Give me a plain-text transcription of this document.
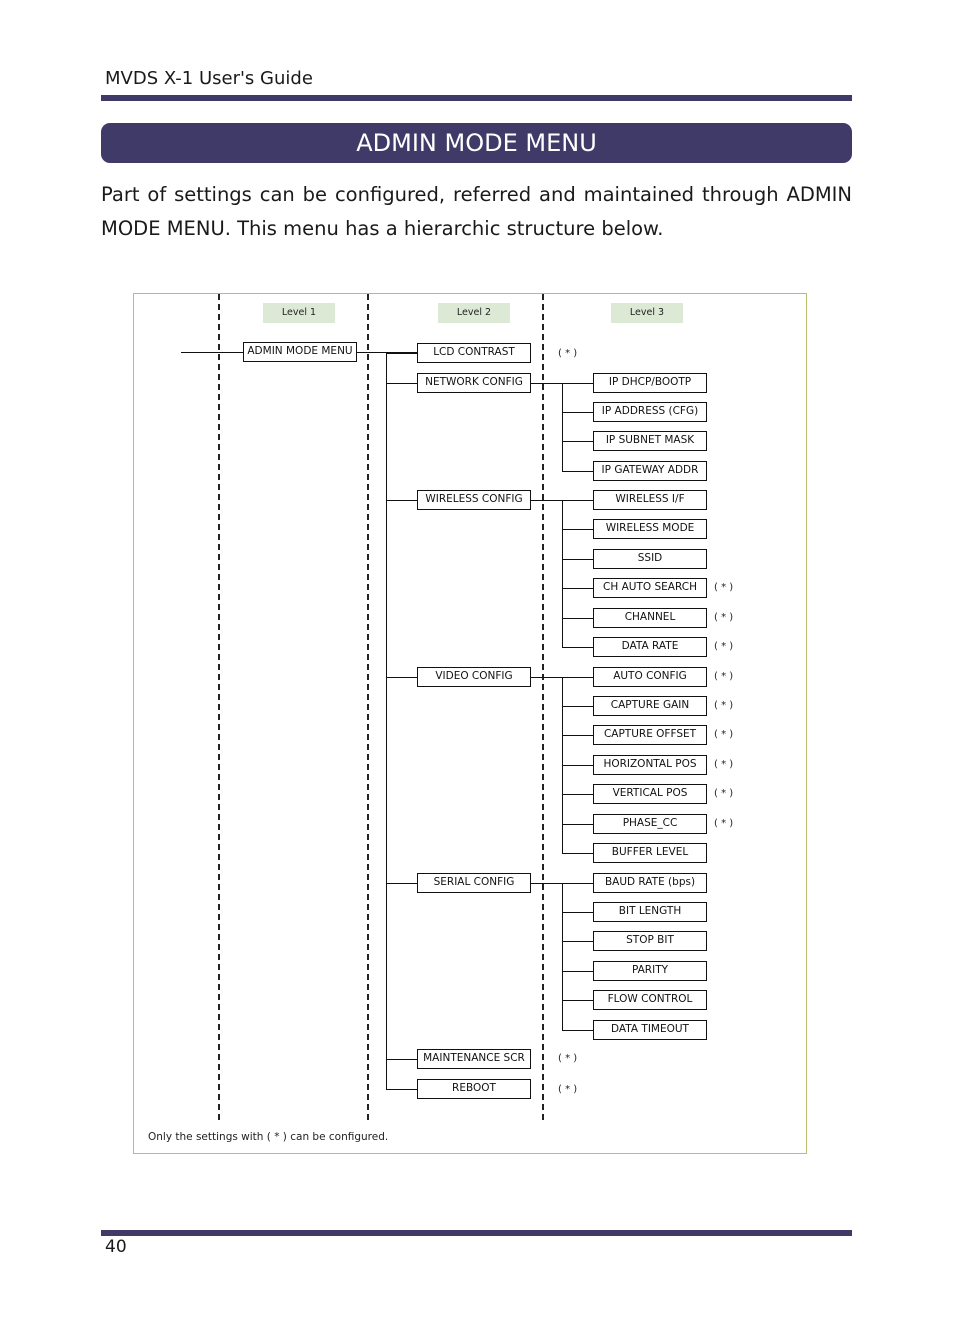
MVDS X-1 User's Guide
ADMIN MODE MENU
Part of settings can be configured, referred and maintained through ADMIN MODE MENU. This menu has a hierarchic structure below.
Level 1	Level 2	Level 3
ADMIN MODE MENU	LCD CONTRAST	( * )
NETWORK CONFIG
WIRELESS CONFIG
VIDEO CONFIG
SERIAL CONFIG
MAINTENANCE SCR	( * )
REBOOT	( * )
IP DHCP/BOOTP
IP ADDRESS (CFG)
IP SUBNET MASK
IP GATEWAY ADDR
WIRELESS I/F
WIRELESS MODE
SSID
CH AUTO SEARCH	( * )
CHANNEL	( * )
DATA RATE	( * )
AUTO CONFIG	( * )
CAPTURE GAIN	( * )
CAPTURE OFFSET	( * )
HORIZONTAL POS	( * )
VERTICAL POS	( * )
PHASE_CC	( * )
BUFFER LEVEL
BAUD RATE (bps)
BIT LENGTH
STOP BIT
PARITY
FLOW CONTROL
DATA TIMEOUT
Only the settings with ( * ) can be configured.
40
